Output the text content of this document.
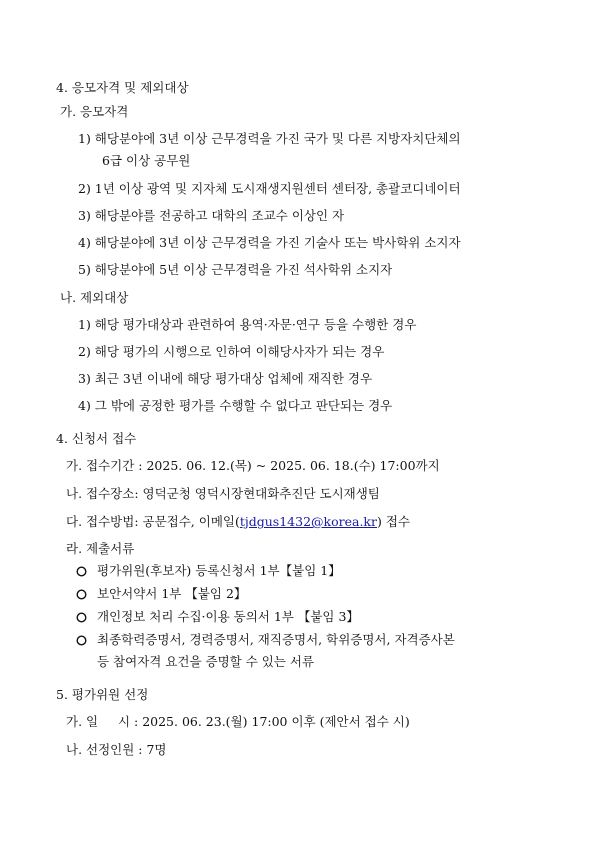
4. 응모자격 및 제외대상
가. 응모자격
1) 해당분야에 3년 이상 근무경력을 가진 국가 및 다른 지방자치단체의
6급 이상 공무원
2) 1년 이상 광역 및 지자체 도시재생지원센터 센터장, 총괄코디네이터
3) 해당분야를 전공하고 대학의 조교수 이상인 자
4) 해당분야에 3년 이상 근무경력을 가진 기술사 또는 박사학위 소지자
5) 해당분야에 5년 이상 근무경력을 가진 석사학위 소지자
나. 제외대상
1) 해당 평가대상과 관련하여 용역·자문·연구 등을 수행한 경우
2) 해당 평가의 시행으로 인하여 이해당사자가 되는 경우
3) 최근 3년 이내에 해당 평가대상 업체에 재직한 경우
4) 그 밖에 공정한 평가를 수행할 수 없다고 판단되는 경우
4. 신청서 접수
가. 접수기간 : 2025. 06. 12.(목) ~ 2025. 06. 18.(수) 17:00까지
나. 접수장소: 영덕군청 영덕시장현대화추진단 도시재생팀
다. 접수방법: 공문접수, 이메일(tjdgus1432@korea.kr) 접수
라. 제출서류
평가위원(후보자) 등록신청서 1부【붙임 1】
보안서약서 1부 【붙임 2】
개인정보 처리 수집·이용 동의서 1부 【붙임 3】
최종학력증명서, 경력증명서, 재직증명서, 학위증명서, 자격증사본
등 참여자격 요건을 증명할 수 있는 서류
5. 평가위원 선정
가. 일     시 : 2025. 06. 23.(월) 17:00 이후 (제안서 접수 시)
나. 선정인원 : 7명
